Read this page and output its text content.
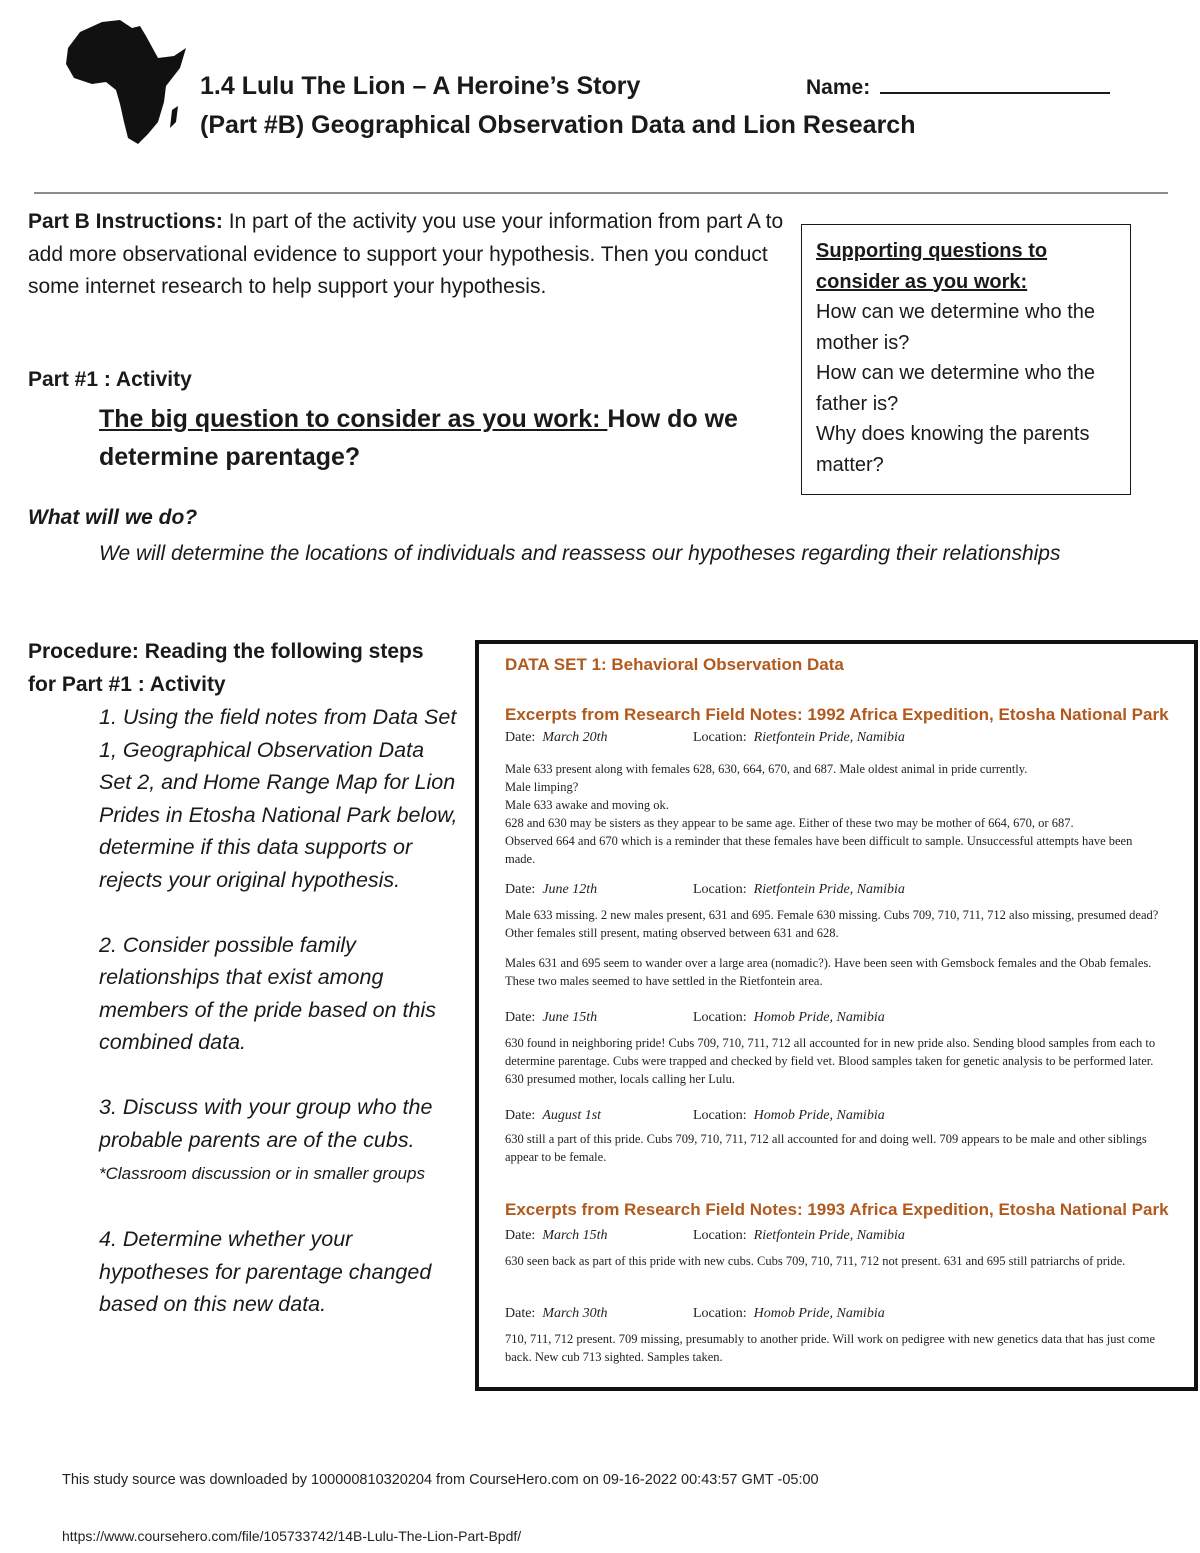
1.4 Lulu The Lion – A Heroine’s Story	Name:
(Part #B) Geographical Observation Data and Lion Research
Part B Instructions: In part of the activity you use your information from part A to add more observational evidence to support your hypothesis. Then you conduct some internet research to help support your hypothesis.
Supporting questions to consider as you work:
How can we determine who the mother is?
How can we determine who the father is?
Why does knowing the parents matter?
Part #1 : Activity
The big question to consider as you work: How do we determine parentage?
What will we do?
We will determine the locations of individuals and reassess our hypotheses regarding their relationships
Procedure: Reading the following steps for Part #1 : Activity

1. Using the field notes from Data Set 1, Geographical Observation Data Set 2, and Home Range Map for Lion Prides in Etosha National Park below, determine if this data supports or rejects your original hypothesis.

2. Consider possible family relationships that exist among members of the pride based on this combined data.

3. Discuss with your group who the probable parents are of the cubs. *Classroom discussion or in smaller groups

4. Determine whether your hypotheses for parentage changed based on this new data.

DATA SET 1: Behavioral Observation Data
Excerpts from Research Field Notes: 1992 Africa Expedition, Etosha National Park
Date: March 20th	Location: Rietfontein Pride, Namibia
Male 633 present along with females 628, 630, 664, 670, and 687. Male oldest animal in pride currently.
Male limping?
Male 633 awake and moving ok.
628 and 630 may be sisters as they appear to be same age. Either of these two may be mother of 664, 670, or 687.
Observed 664 and 670 which is a reminder that these females have been difficult to sample. Unsuccessful attempts have been made.
Date: June 12th	Location: Rietfontein Pride, Namibia
Male 633 missing. 2 new males present, 631 and 695. Female 630 missing. Cubs 709, 710, 711, 712 also missing, presumed dead? Other females still present, mating observed between 631 and 628.
Males 631 and 695 seem to wander over a large area (nomadic?). Have been seen with Gemsbock females and the Obab females. These two males seemed to have settled in the Rietfontein area.
Date: June 15th	Location: Homob Pride, Namibia
630 found in neighboring pride! Cubs 709, 710, 711, 712 all accounted for in new pride also. Sending blood samples from each to determine parentage. Cubs were trapped and checked by field vet. Blood samples taken for genetic analysis to be performed later. 630 presumed mother, locals calling her Lulu.
Date: August 1st	Location: Homob Pride, Namibia
630 still a part of this pride. Cubs 709, 710, 711, 712 all accounted for and doing well. 709 appears to be male and other siblings appear to be female.
Excerpts from Research Field Notes: 1993 Africa Expedition, Etosha National Park
Date: March 15th	Location: Rietfontein Pride, Namibia
630 seen back as part of this pride with new cubs. Cubs 709, 710, 711, 712 not present. 631 and 695 still patriarchs of pride.
Date: March 30th	Location: Homob Pride, Namibia
710, 711, 712 present. 709 missing, presumably to another pride. Will work on pedigree with new genetics data that has just come back. New cub 713 sighted. Samples taken.
This study source was downloaded by 100000810320204 from CourseHero.com on 09-16-2022 00:43:57 GMT -05:00
https://www.coursehero.com/file/105733742/14B-Lulu-The-Lion-Part-Bpdf/
